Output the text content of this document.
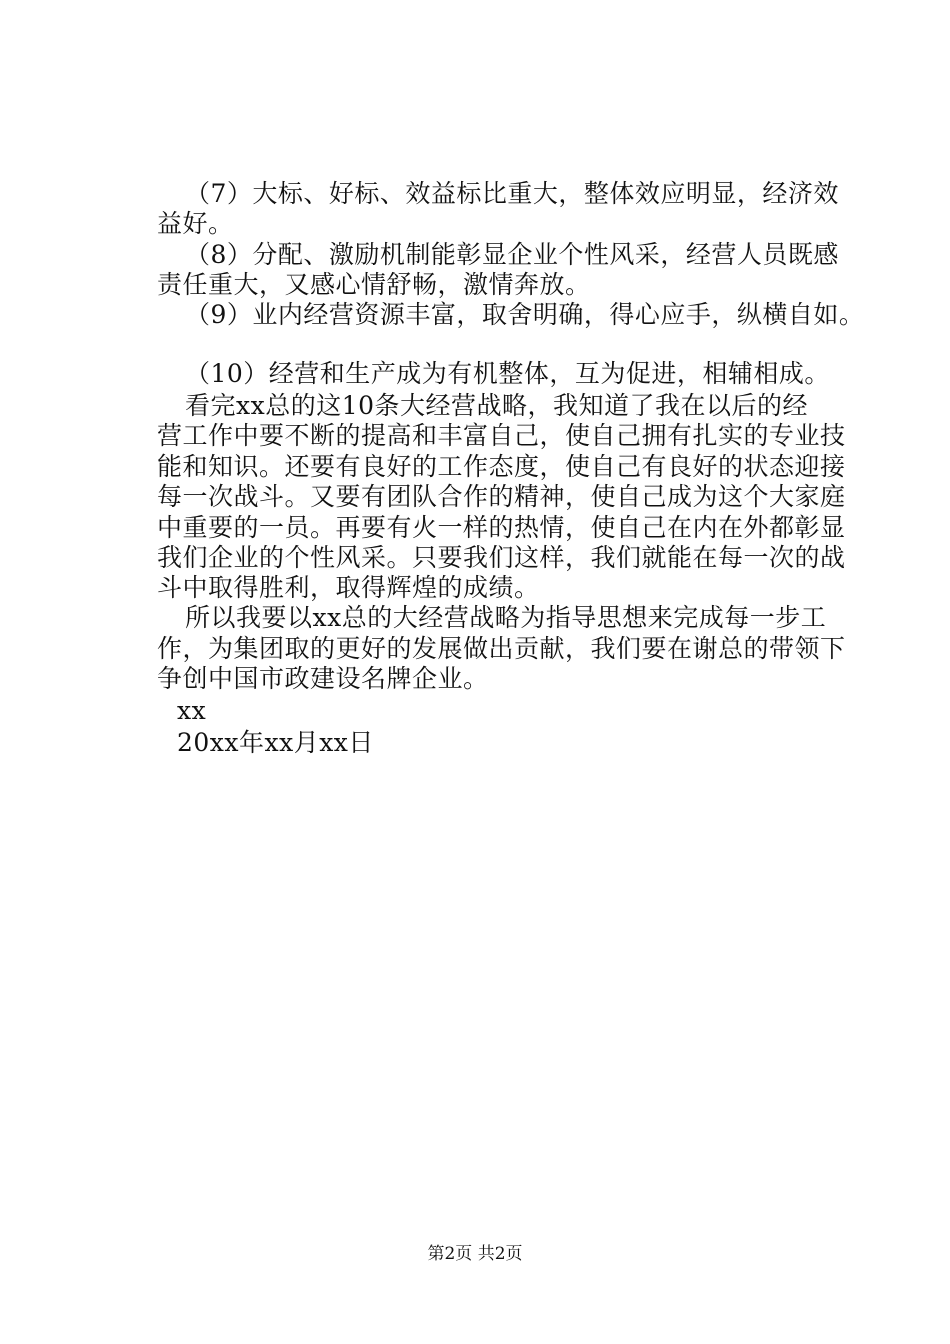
（7）大标、好标、效益标比重大，整体效应明显，经济效
益好。
（8）分配、激励机制能彰显企业个性风采，经营人员既感
责任重大，又感心情舒畅，激情奔放。
（9）业内经营资源丰富，取舍明确，得心应手，纵横自如。
（10）经营和生产成为有机整体，互为促进，相辅相成。
看完xx总的这10条大经营战略，我知道了我在以后的经
营工作中要不断的提高和丰富自己，使自己拥有扎实的专业技
能和知识。还要有良好的工作态度，使自己有良好的状态迎接
每一次战斗。又要有团队合作的精神，使自己成为这个大家庭
中重要的一员。再要有火一样的热情，使自己在内在外都彰显
我们企业的个性风采。只要我们这样，我们就能在每一次的战
斗中取得胜利，取得辉煌的成绩。
所以我要以xx总的大经营战略为指导思想来完成每一步工
作，为集团取的更好的发展做出贡献，我们要在谢总的带领下
争创中国市政建设名牌企业。
xx
20xx年xx月xx日
第2页 共2页
